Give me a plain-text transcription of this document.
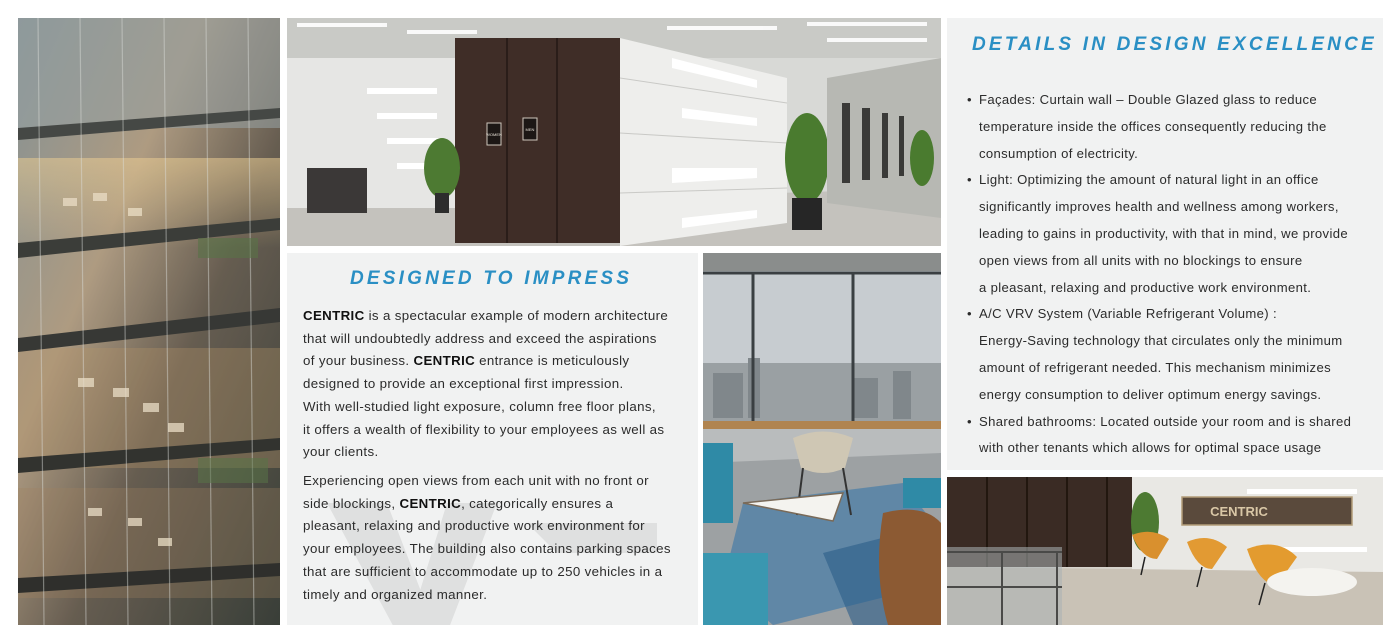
WOMEN
MEN
DESIGNED TO IMPRESS
CENTRIC is a spectacular example of modern architecture
that will undoubtedly address and exceed the aspirations
of your business. CENTRIC entrance is meticulously
designed to provide an exceptional first impression.
With well-studied light exposure, column free floor plans,
it offers a wealth of flexibility to your employees as well as
your clients.
Experiencing open views from each unit with no front or
side blockings, CENTRIC, categorically ensures a
pleasant, relaxing and productive work environment for
your employees. The building also contains parking spaces
that are sufficient to accommodate up to 250 vehicles in a
timely and organized manner.
DETAILS IN DESIGN EXCELLENCE
• Façades: Curtain wall – Double Glazed glass to reduce
temperature inside the offices consequently reducing the
consumption of electricity.
• Light: Optimizing the amount of natural light in an office
significantly improves health and wellness among workers,
leading to gains in productivity, with that in mind, we provide
open views from all units with no blockings to ensure
a pleasant, relaxing and productive work environment.
• A/C VRV System (Variable Refrigerant Volume) :
Energy-Saving technology that circulates only the minimum
amount of refrigerant needed. This mechanism minimizes
energy consumption to deliver optimum energy savings.
• Shared bathrooms: Located outside your room and is shared
with other tenants which allows for optimal space usage
CENTRIC
